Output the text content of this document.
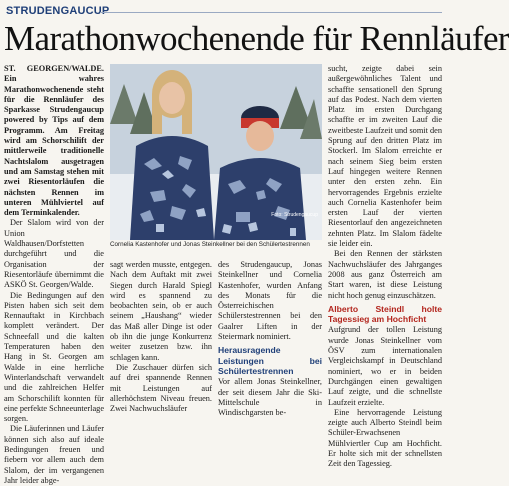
STRUDENGAUCUP
Marathonwochenende für Rennläufer

ST. GEORGEN/WALDE. Ein wahres Marathonwochenende steht für die Rennläufer des Sparkasse Strudengaucup powered by Tips auf dem Programm. Am Freitag wird am Schorschilift der mittlerweile traditionelle Nachtslalom ausgetragen und am Samstag stehen mit zwei Riesentorläufen die nächsten Rennen im unteren Mühlviertel auf dem Terminkalender.

Der Slalom wird von der Union Waldhausen/Dorfstetten durchgeführt und die Organisation der Riesentorläufe übernimmt die ASKÖ St. Georgen/Walde.

Die Bedingungen auf den Pisten haben sich seit dem Rennauftakt in Kirchbach komplett verändert. Der Schneefall und die kalten Temperaturen haben den Hang in St. Georgen am Walde in eine herrliche Winterlandschaft verwandelt und die zahlreichen Helfer am Schorschilift konnten für eine perfekte Schneeunterlage sorgen.

Die Läuferinnen und Läufer können sich also auf ideale Bedingungen freuen und fiebern vor allem auch dem Slalom, der im vergangenen Jahr leider abge-

Foto: Strudengaucup
Cornelia Kastenhofer und Jonas Steinkellner bei den Schülertestrennen

sagt werden musste, entgegen. Nach dem Auftakt mit zwei Siegen durch Harald Spiegl wird es spannend zu beobachten sein, ob er auch seinem „Haushang“ wieder das Maß aller Dinge ist oder ob ihn die junge Konkurrenz weiter zusetzen bzw. ihn schlagen kann.

Die Zuschauer dürfen sich auf drei spannende Rennen mit Leistungen auf allerhöchstem Niveau freuen. Zwei Nachwuchsläufer

des Strudengaucup, Jonas Steinkellner und Cornelia Kastenhofer, wurden Anfang des Monats für die Österreichischen Schülerstestrennen bei den Gaalrer Liften in der Steiermark nominiert.

Herausragende Leistungen bei Schülertestrennen

Vor allem Jonas Steinkellner, der seit diesem Jahr die Ski-Mittelschule in Windischgarsten be-

sucht, zeigte dabei sein außergewöhnliches Talent und schaffte sensationell den Sprung auf das Podest. Nach dem vierten Platz im ersten Durchgang schaffte er im zweiten Lauf die zweitbeste Laufzeit und somit den Sprung auf den dritten Platz im Stockerl. Im Slalom erreichte er nach seinem Sieg beim ersten Lauf hingegen weitere Rennen unter den ersten zehn. Ein hervorragendes Ergebnis erzielte auch Cornelia Kastenhofer beim ersten Lauf der vierten Riesentorlauf den angezeichneten zehnten Platz. Im Slalom fädelte sie leider ein.

Bei den Rennen der stärksten Nachwuchsläufer des Jahrganges 2008 aus ganz Österreich am Start waren, ist diese Leistung nicht hoch genug einzuschätzen.

Alberto Steindl holte Tagessieg am Hochficht

Aufgrund der tollen Leistung wurde Jonas Steinkellner vom ÖSV zum internationalen Vergleichskampf in Deutschland nominiert, wo er in beiden Durchgängen einen gewaltigen Lauf zeigte, und die schnellste Laufzeit erzielte.

Eine hervorragende Leistung zeigte auch Alberto Steindl beim Schüler-Erwachsenen Mühlviertler Cup am Hochficht. Er holte sich mit der schnellsten Zeit den Tagessieg.
